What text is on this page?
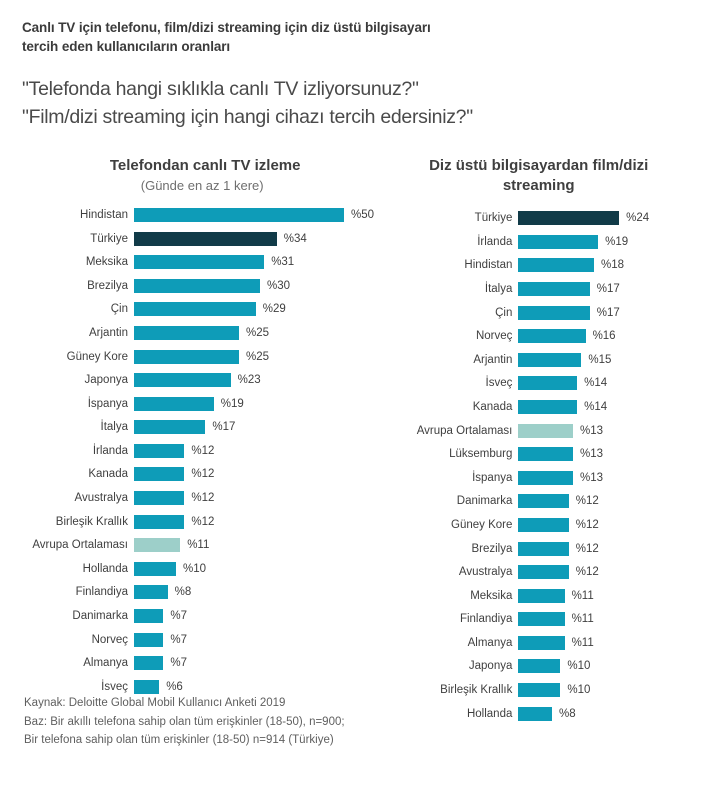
Canlı TV için telefonu, film/dizi streaming için diz üstü bilgisayarı
tercih eden kullanıcıların oranları
"Telefonda hangi sıklıkla canlı TV izliyorsunuz?"
"Film/dizi streaming için hangi cihazı tercih edersiniz?"
Telefondan canlı TV izleme
(Günde en az 1 kere)
Hindistan	%50
Türkiye	%34
Meksika	%31
Brezilya	%30
Çin	%29
Arjantin	%25
Güney Kore	%25
Japonya	%23
İspanya	%19
İtalya	%17
İrlanda	%12
Kanada	%12
Avustralya	%12
Birleşik Krallık	%12
Avrupa Ortalaması	%11
Hollanda	%10
Finlandiya	%8
Danimarka	%7
Norveç	%7
Almanya	%7
İsveç	%6
Diz üstü bilgisayardan film/dizi streaming
Türkiye	%24
İrlanda	%19
Hindistan	%18
İtalya	%17
Çin	%17
Norveç	%16
Arjantin	%15
İsveç	%14
Kanada	%14
Avrupa Ortalaması	%13
Lüksemburg	%13
İspanya	%13
Danimarka	%12
Güney Kore	%12
Brezilya	%12
Avustralya	%12
Meksika	%11
Finlandiya	%11
Almanya	%11
Japonya	%10
Birleşik Krallık	%10
Hollanda	%8
Kaynak: Deloitte Global Mobil Kullanıcı Anketi 2019
Baz: Bir akıllı telefona sahip olan tüm erişkinler (18-50), n=900;
Bir telefona sahip olan tüm erişkinler (18-50) n=914 (Türkiye)
